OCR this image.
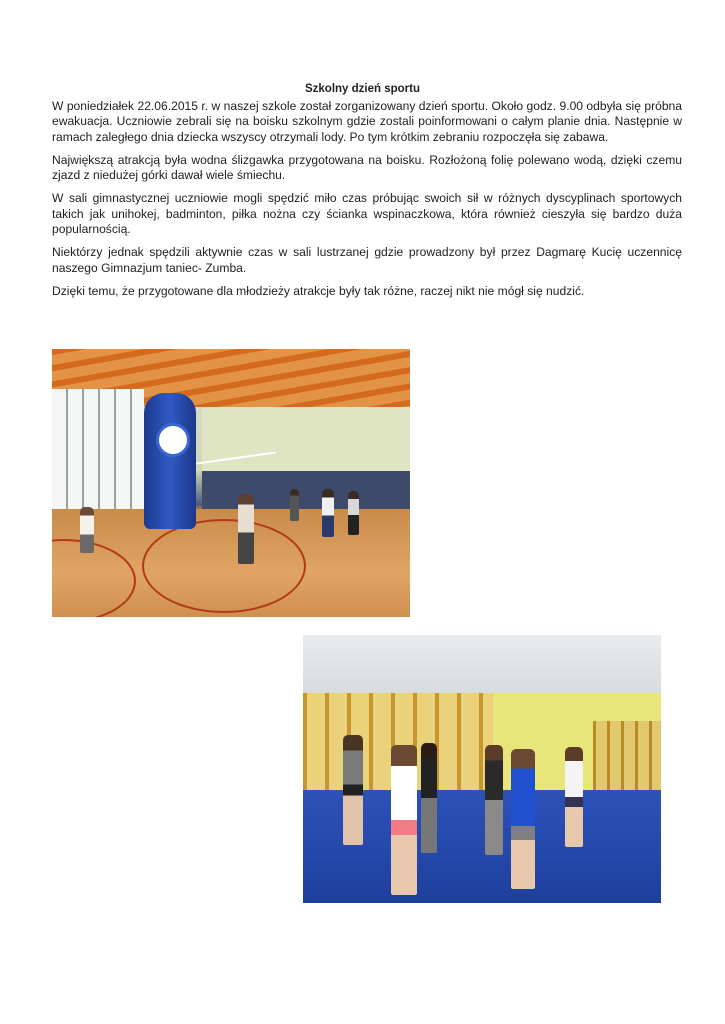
Szkolny dzień sportu

W poniedziałek 22.06.2015 r. w naszej szkole został zorganizowany dzień sportu. Około godz. 9.00 odbyła się próbna ewakuacja. Uczniowie zebrali się na boisku szkolnym gdzie zostali poinformowani o całym planie dnia. Następnie w ramach zaległego dnia dziecka wszyscy otrzymali lody. Po tym krótkim zebraniu rozpoczęła się zabawa.

Największą atrakcją była wodna ślizgawka przygotowana na boisku. Rozłożoną folię polewano wodą, dzięki czemu zjazd z niedużej górki dawał wiele śmiechu.

W sali gimnastycznej uczniowie mogli spędzić miło czas próbując swoich sił w różnych dyscyplinach sportowych takich jak unihokej, badminton, piłka nożna czy ścianka wspinaczkowa, która również cieszyła się bardzo duża popularnością.

Niektórzy jednak spędzili aktywnie czas w sali lustrzanej gdzie prowadzony był przez Dagmarę Kucię uczennicę naszego Gimnazjum taniec- Zumba.

Dzięki temu, że przygotowane dla młodzieży atrakcje były tak różne, raczej nikt nie mógł się nudzić.
